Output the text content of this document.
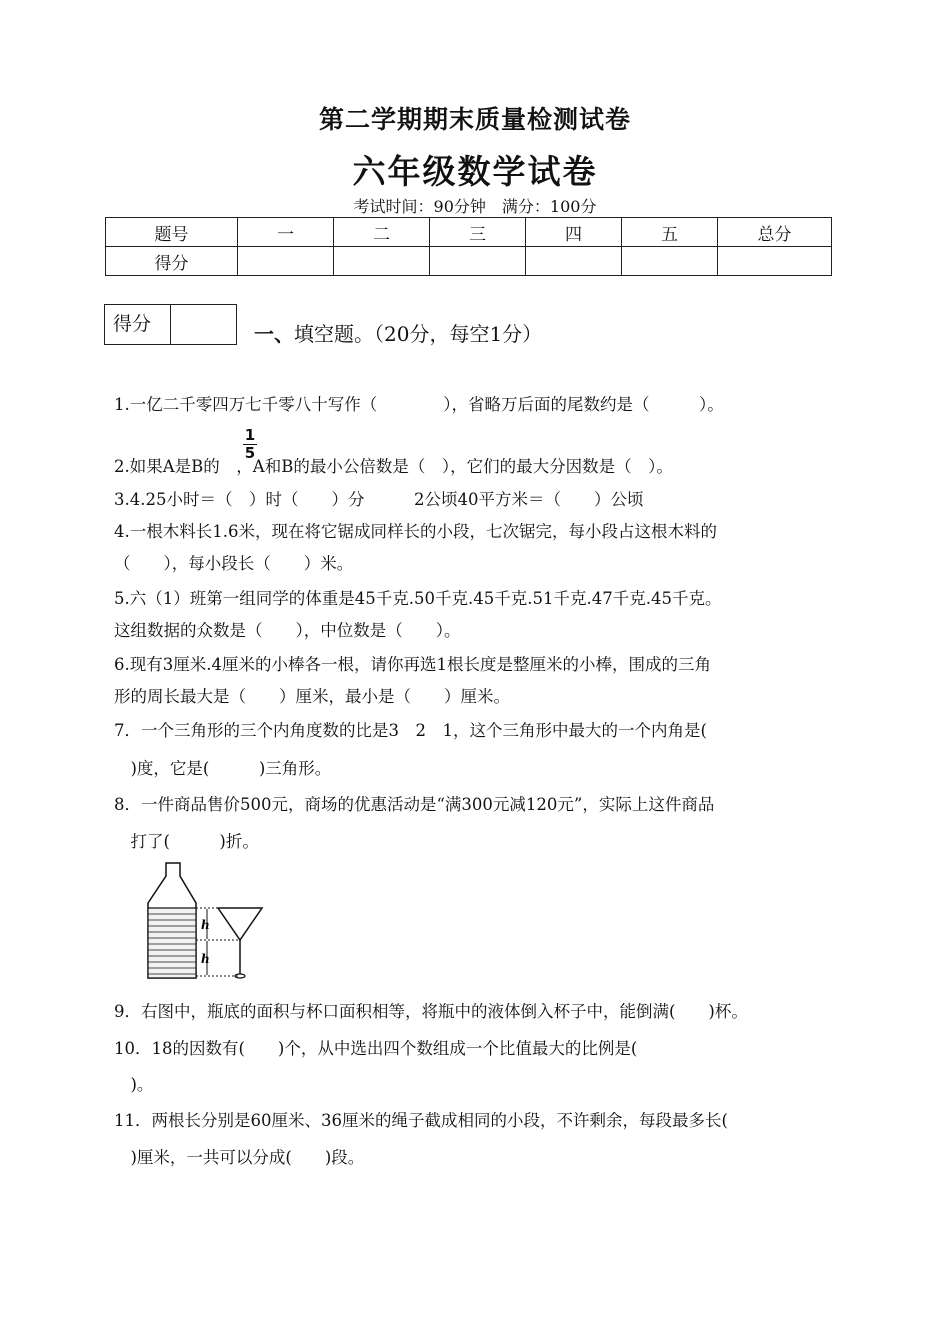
第二学期期末质量检测试卷
六年级数学试卷
考试时间：90分钟　满分：100分
题号	一	二	三	四	五	总分
得分						
得分	一、填空题。（20分，每空1分）
1.一亿二千零四万七千零八十写作（　　　　），省略万后面的尾数约是（　　　）。
$\frac{1}{5}$
2.如果A是B的　，A和B的最小公倍数是（　），它们的最大分因数是（　）。
3.4.25小时＝（　）时（　　）分　　　2公顷40平方米＝（　　）公顷
4.一根木料长1.6米，现在将它锯成同样长的小段，七次锯完，每小段占这根木料的
（　　），每小段长（　　）米。
5.六（1）班第一组同学的体重是45千克.50千克.45千克.51千克.47千克.45千克。
这组数据的众数是（　　），中位数是（　　）。
6.现有3厘米.4厘米的小棒各一根，请你再选1根长度是整厘米的小棒，围成的三角
形的周长最大是（　　）厘米，最小是（　　）厘米。
7．一个三角形的三个内角度数的比是3　2　1，这个三角形中最大的一个内角是(
　)度，它是(　　　)三角形。
8．一件商品售价500元，商场的优惠活动是“满300元减120元”，实际上这件商品
　打了(　　　)折。
h
h
9．右图中，瓶底的面积与杯口面积相等，将瓶中的液体倒入杯子中，能倒满(　　)杯。
10．18的因数有(　　)个，从中选出四个数组成一个比值最大的比例是(
　)。
11．两根长分别是60厘米、36厘米的绳子截成相同的小段，不许剩余，每段最多长(
　)厘米，一共可以分成(　　)段。
